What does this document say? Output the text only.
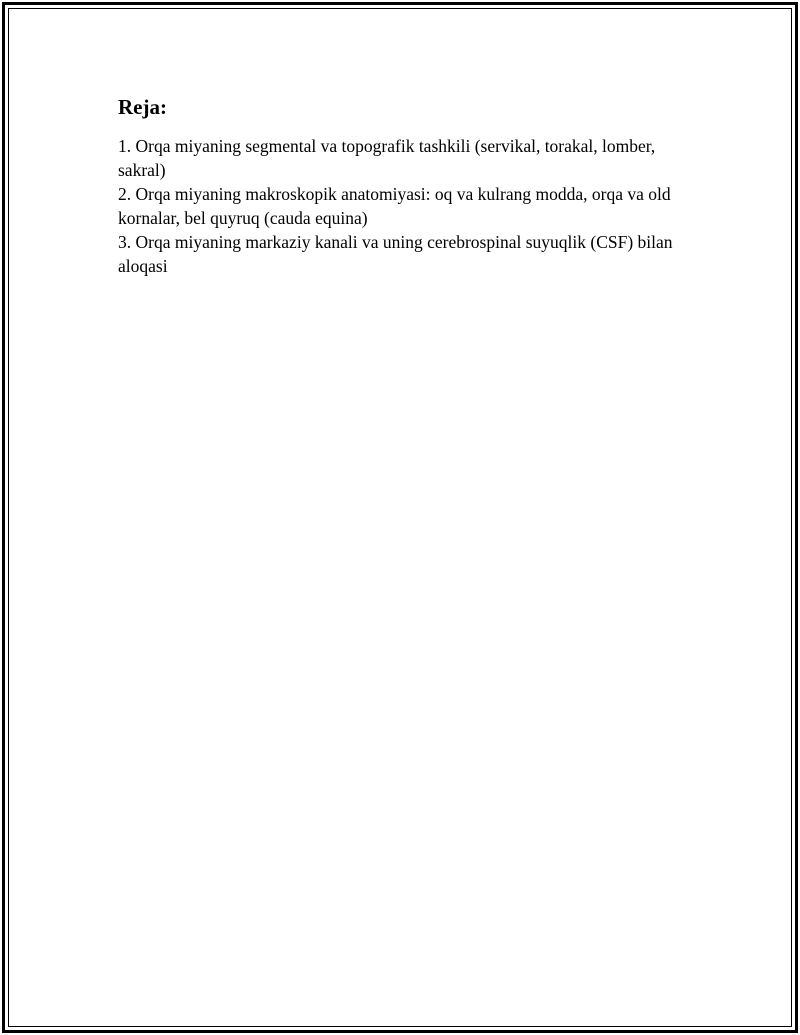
Reja:

1. Orqa miyaning segmental va topografik tashkili (servikal, torakal, lomber, sakral)

2. Orqa miyaning makroskopik anatomiyasi: oq va kulrang modda, orqa va old kornalar, bel quyruq (cauda equina)

3. Orqa miyaning markaziy kanali va uning cerebrospinal suyuqlik (CSF) bilan aloqasi
